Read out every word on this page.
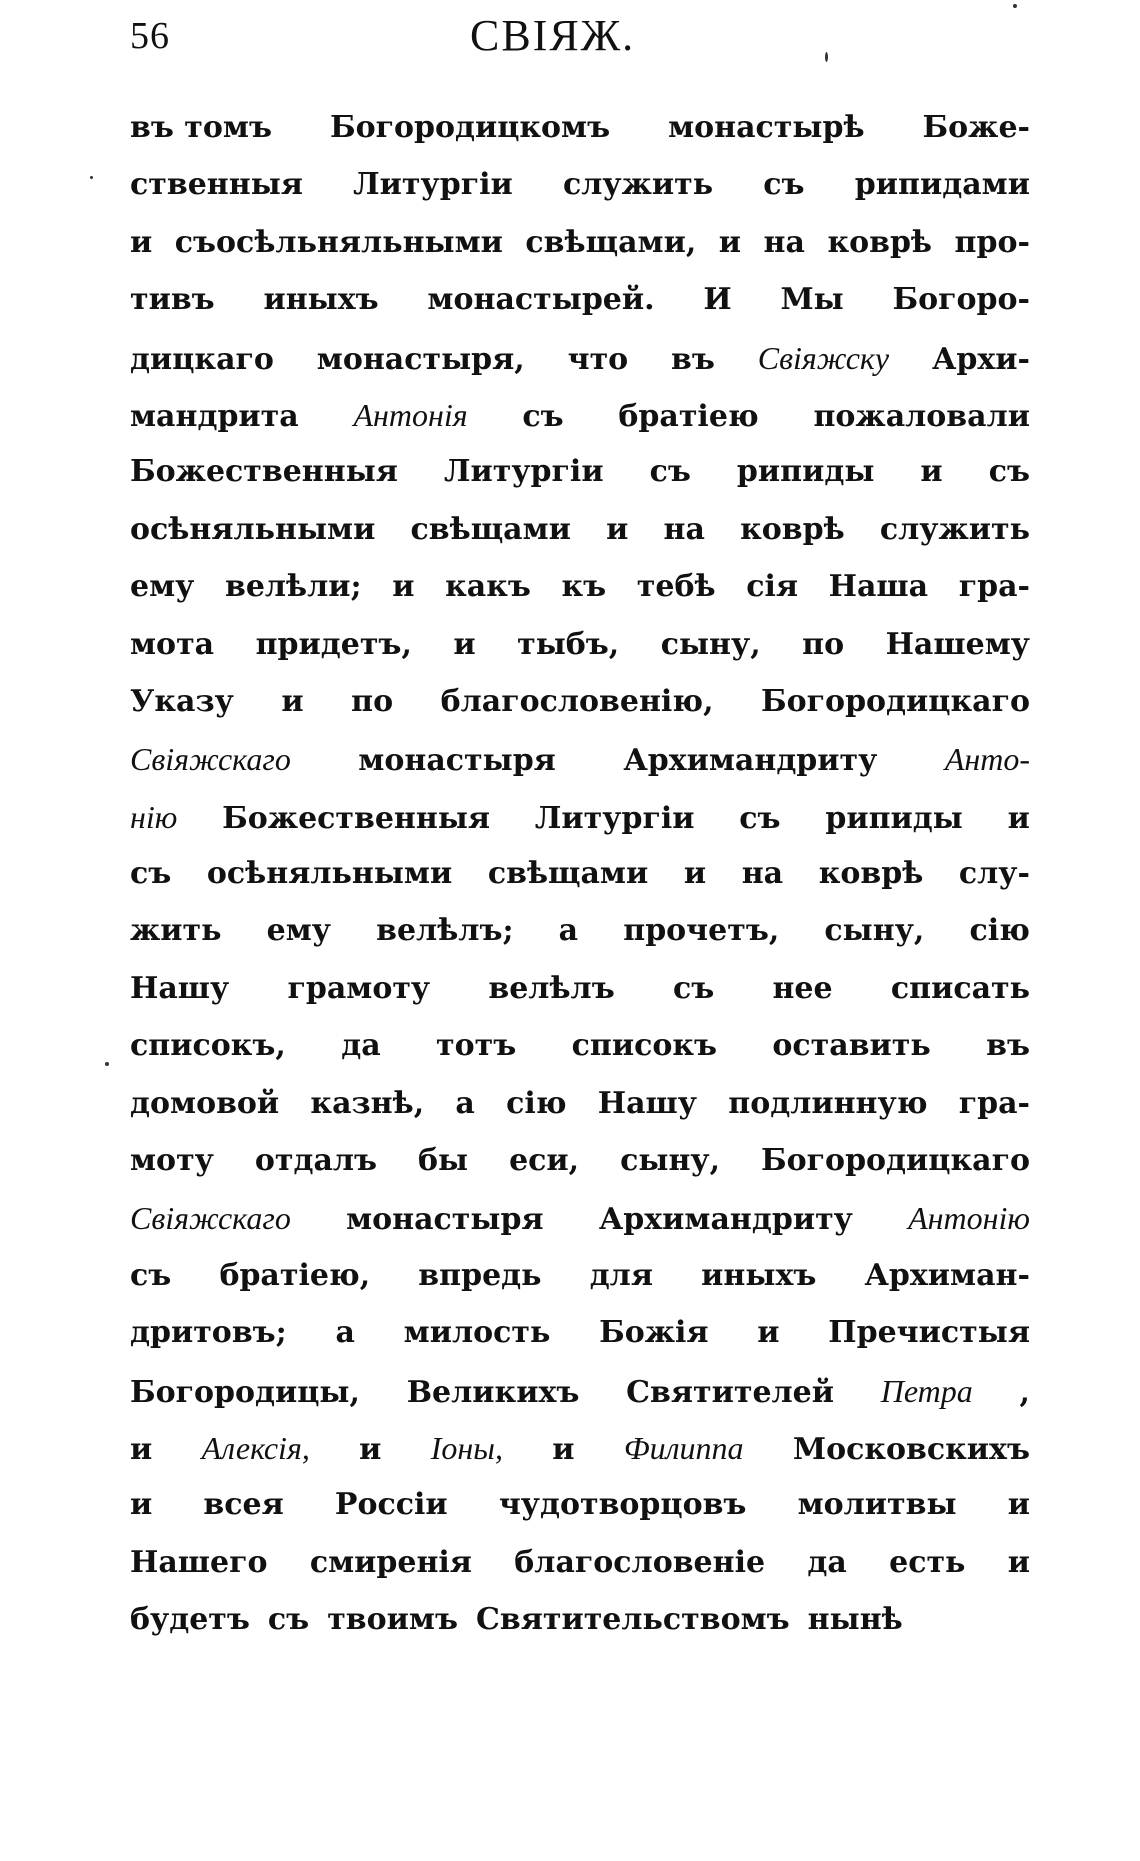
56	СВІЯЖ.
въ томъ Богородицкомъ монастырѣ Боже-
ственныя Литургіи служить съ рипидами
и съосѣльняльными свѣщами, и на коврѣ про-
тивъ иныхъ монастырей. И Мы Богоро-
дицкаго монастыря, что въ Свіяжску Архи-
мандрита Антонія съ братіею пожаловали
Божественныя Литургіи съ рипиды и съ
осѣняльными свѣщами и на коврѣ служить
ему велѣли; и какъ къ тебѣ сія Наша гра-
мота придетъ, и тыбъ, сыну, по Нашему
Указу и по благословенію, Богородицкаго
Свіяжскаго монастыря Архимандриту Анто-
нію Божественныя Литургіи съ рипиды и
съ осѣняльными свѣщами и на коврѣ слу-
жить ему велѣлъ; а прочетъ, сыну, сію
Нашу грамоту велѣлъ съ нее списать
списокъ, да тотъ списокъ оставить въ
домовой казнѣ, а сію Нашу подлинную гра-
моту отдалъ бы еси, сыну, Богородицкаго
Свіяжскаго монастыря Архимандриту Антонію
съ братіею, впредь для иныхъ Архиман-
дритовъ; а милость Божія и Пречистыя
Богородицы, Великихъ Святителей Петра ,
и Алексія, и Іоны, и Филиппа Московскихъ
и всея Россіи чудотворцовъ молитвы и
Нашего смиренія благословеніе да есть и
будетъ съ твоимъ Святительствомъ нынѣ
